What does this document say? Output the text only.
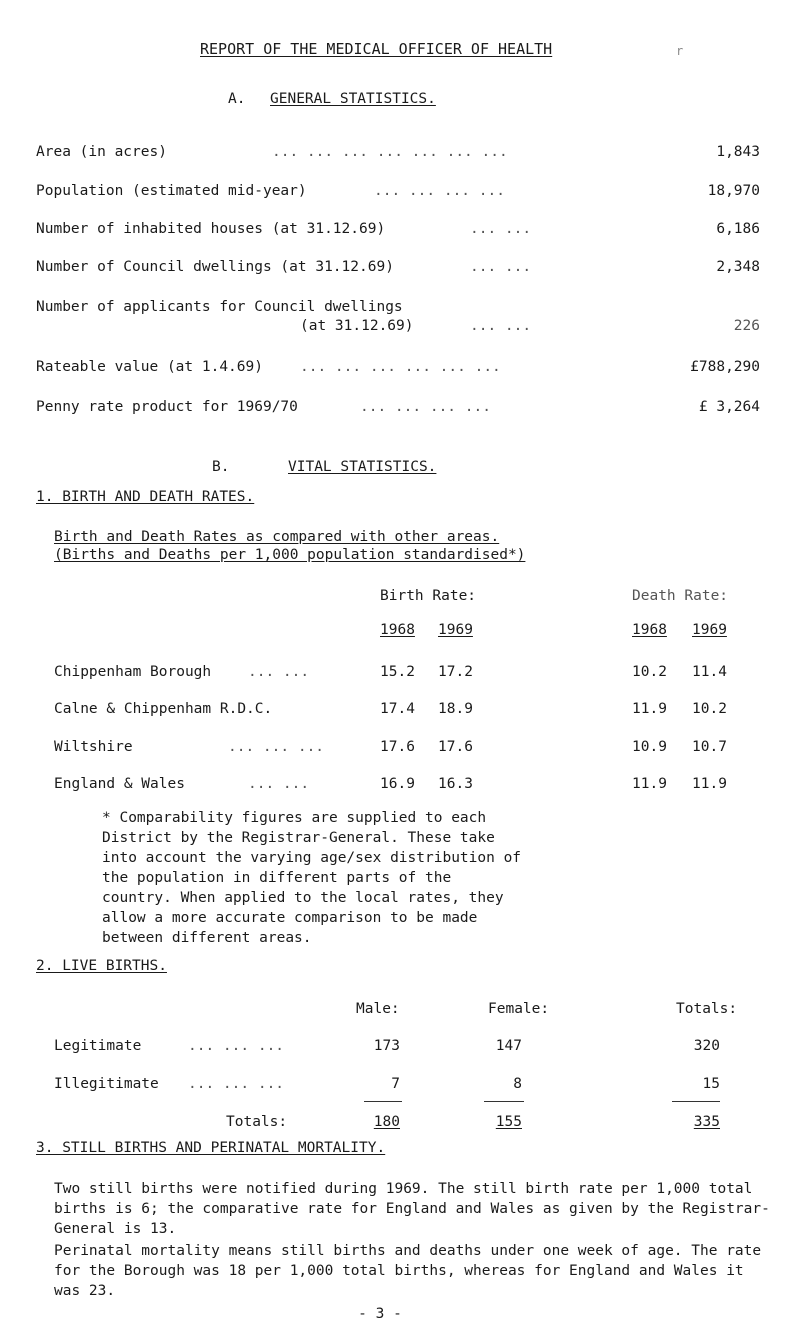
REPORT OF THE MEDICAL OFFICER OF HEALTH	r
A. GENERAL STATISTICS.
Area (in acres)	... ... ... ... ... ... ...	1,843
Population (estimated mid-year)	... ... ... ...	18,970
Number of inhabited houses (at 31.12.69)	... ...	6,186
Number of Council dwellings (at 31.12.69)	... ...	2,348
Number of applicants for Council dwellings
(at 31.12.69)	... ...	226
Rateable value (at 1.4.69)	... ... ... ... ... ...	£788,290
Penny rate product for 1969/70	... ... ... ...	£ 3,264
B.	VITAL STATISTICS.
1. BIRTH AND DEATH RATES.
Birth and Death Rates as compared with other areas.
(Births and Deaths per 1,000 population standardised*)
Birth Rate:	Death Rate:
1968 1969	1968 1969
Chippenham Borough	... ...	15.2 17.2	10.2 11.4
Calne & Chippenham R.D.C.	17.4 18.9	11.9 10.2
Wiltshire	... ... ...	17.6 17.6	10.9 10.7
England & Wales	... ...	16.9 16.3	11.9 11.9
* Comparability figures are supplied to each District by the Registrar-General. These take into account the varying age/sex distribution of the population in different parts of the country. When applied to the local rates, they allow a more accurate comparison to be made between different areas.
2. LIVE BIRTHS.
Male:	Female:	Totals:
Legitimate	... ... ...	173	147	320
Illegitimate ... ... ...	7	8	15
Totals:	180	155	335
3. STILL BIRTHS AND PERINATAL MORTALITY.
Two still births were notified during 1969. The still birth rate per 1,000 total births is 6; the comparative rate for England and Wales as given by the Registrar-General is 13.
Perinatal mortality means still births and deaths under one week of age. The rate for the Borough was 18 per 1,000 total births, whereas for England and Wales it was 23.
- 3 -
